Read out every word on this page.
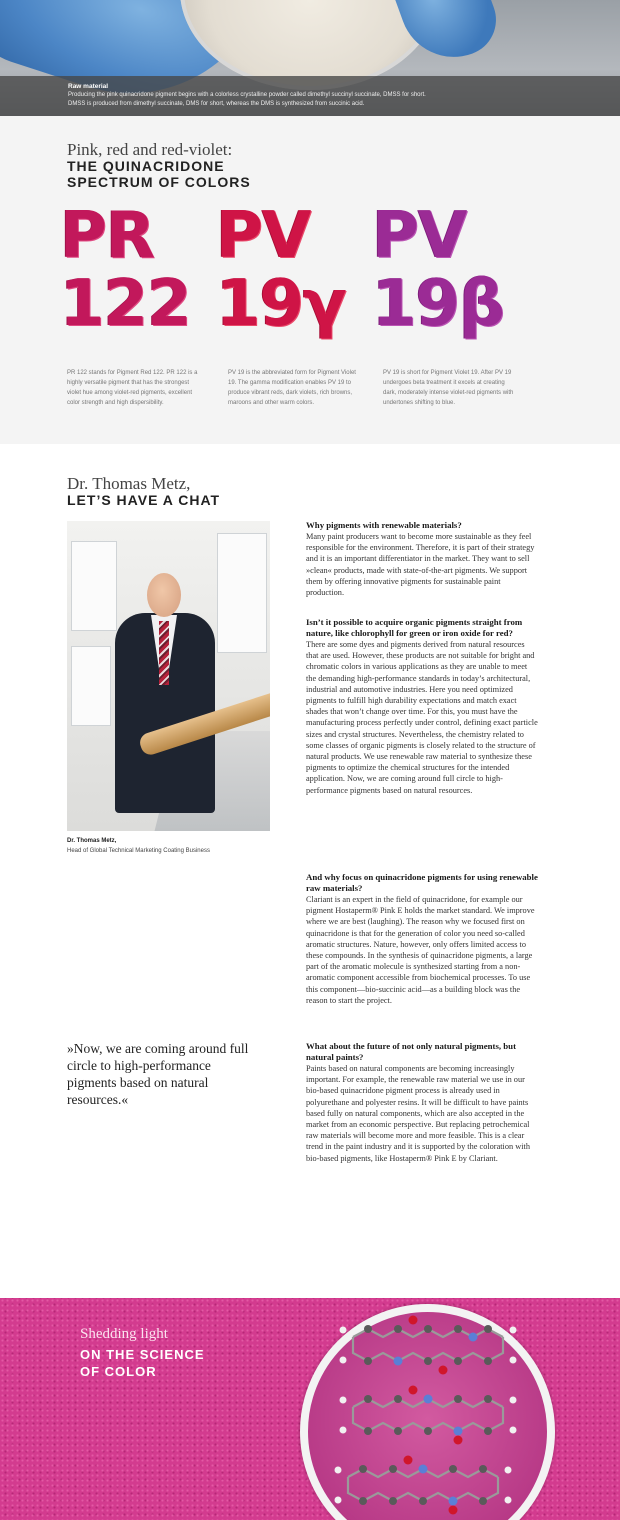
Raw material
Producing the pink quinacridone pigment begins with a colorless crystalline powder called dimethyl succinyl succinate, DMSS for short.
DMSS is produced from dimethyl succinate, DMS for short, whereas the DMS is synthesized from succinic acid.
Pink, red and red-violet:
THE QUINACRIDONE
SPECTRUM OF COLORS
PR
122
PV
19γ
PV
19β
PR 122 stands for Pigment Red 122. PR 122 is a highly versatile pigment that has the strongest violet hue among violet-red pigments, excellent color strength and high dispersibility.
PV 19 is the abbreviated form for Pigment Violet 19. The gamma modification enables PV 19 to produce vibrant reds, dark violets, rich browns, maroons and other warm colors.
PV 19 is short for Pigment Violet 19. After PV 19 undergoes beta treatment it excels at creating dark, moderately intense violet-red pigments with undertones shifting to blue.
Dr. Thomas Metz,
LET’S HAVE A CHAT
Dr. Thomas Metz,
Head of Global Technical Marketing Coating Business
»Now, we are coming around full circle to high-performance pigments based on natural resources.«
Why pigments with renewable materials?
Many paint producers want to become more sustainable as they feel responsible for the environment. Therefore, it is part of their strategy and it is an important differentiator in the market. They want to sell »clean« products, made with state-of-the-art pigments. We support them by offering innovative pigments for sustainable paint production.
Isn’t it possible to acquire organic pigments straight from nature, like chlorophyll for green or iron oxide for red?
There are some dyes and pigments derived from natural resources that are used. However, these products are not suitable for bright and chromatic colors in various applications as they are unable to meet the demanding high-performance standards in today’s architectural, industrial and automotive industries. Here you need optimized pigments to fulfill high durability expectations and match exact shades that won’t change over time. For this, you must have the manufacturing process perfectly under control, defining exact particle sizes and crystal structures. Nevertheless, the chemistry related to some classes of organic pigments is closely related to the structure of natural products. We use renewable raw material to synthesize these pigments to optimize the chemical structures for the intended application. Now, we are coming around full circle to high-performance pigments based on natural resources.
And why focus on quinacridone pigments for using renewable raw materials?
Clariant is an expert in the field of quinacridone, for example our pigment Hostaperm® Pink E holds the market standard. We improve where we are best (laughing). The reason why we focused first on quinacridone is that for the generation of color you need so-called aromatic structures. Nature, however, only offers limited access to these compounds. In the synthesis of quinacridone pigments, a large part of the aromatic molecule is synthesized starting from a non-aromatic component accessible from biochemical processes. To use this component—bio-succinic acid—as a building block was the reason to start the project.
What about the future of not only natural pigments, but natural paints?
Paints based on natural components are becoming increasingly important. For example, the renewable raw material we use in our bio-based quinacridone pigment process is already used in polyurethane and polyester resins. It will be difficult to have paints based fully on natural components, which are also accepted in the market from an economic perspective. But replacing petrochemical raw materials will become more and more feasible. This is a clear trend in the paint industry and it is supported by the coloration with bio-based pigments, like Hostaperm® Pink E by Clariant.
Shedding light
ON THE SCIENCE
OF COLOR
